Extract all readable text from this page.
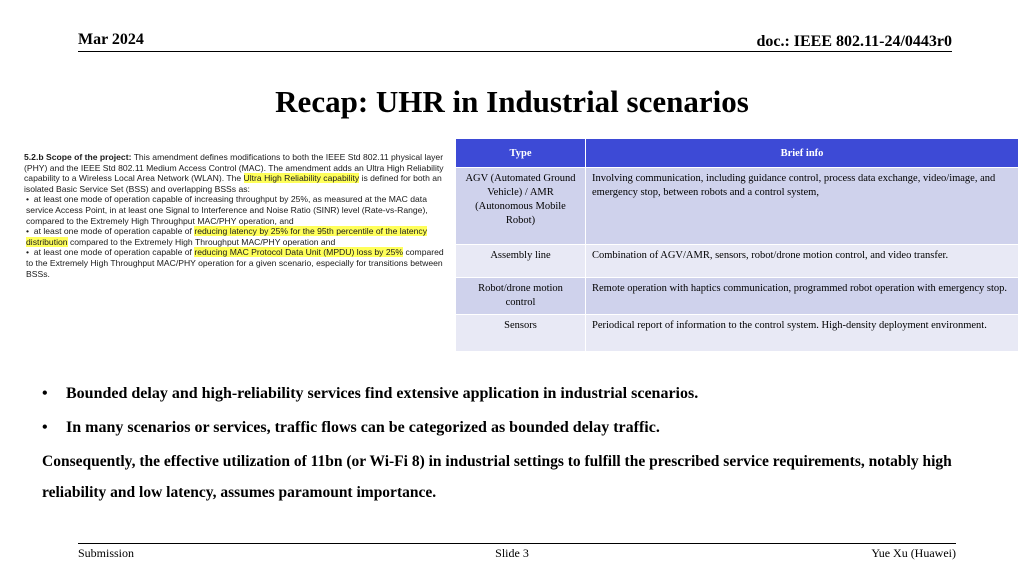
Mar 2024	doc.: IEEE 802.11-24/0443r0
Recap: UHR in Industrial scenarios
5.2.b Scope of the project: This amendment defines modifications to both the IEEE Std 802.11 physical layer (PHY) and the IEEE Std 802.11 Medium Access Control (MAC). The amendment adds an Ultra High Reliability capability to a Wireless Local Area Network (WLAN). The Ultra High Reliability capability is defined for both an isolated Basic Service Set (BSS) and overlapping BSSs as:
• at least one mode of operation capable of increasing throughput by 25%, as measured at the MAC data service Access Point, in at least one Signal to Interference and Noise Ratio (SINR) level (Rate-vs-Range), compared to the Extremely High Throughput MAC/PHY operation, and
• at least one mode of operation capable of reducing latency by 25% for the 95th percentile of the latency distribution compared to the Extremely High Throughput MAC/PHY operation and
• at least one mode of operation capable of reducing MAC Protocol Data Unit (MPDU) loss by 25% compared to the Extremely High Throughput MAC/PHY operation for a given scenario, especially for transitions between BSSs.
Type	Brief info
AGV (Automated Ground Vehicle) / AMR (Autonomous Mobile Robot)	Involving communication, including guidance control, process data exchange, video/image, and emergency stop, between robots and a control system,
Assembly line	Combination of AGV/AMR, sensors, robot/drone motion control, and video transfer.
Robot/drone motion control	Remote operation with haptics communication, programmed robot operation with emergency stop.
Sensors	Periodical report of information to the control system. High-density deployment environment.
• Bounded delay and high-reliability services find extensive application in industrial scenarios.
• In many scenarios or services, traffic flows can be categorized as bounded delay traffic.
Consequently, the effective utilization of 11bn (or Wi-Fi 8) in industrial settings to fulfill the prescribed service requirements, notably high reliability and low latency, assumes paramount importance.
Submission	Slide 3	Yue Xu (Huawei)
